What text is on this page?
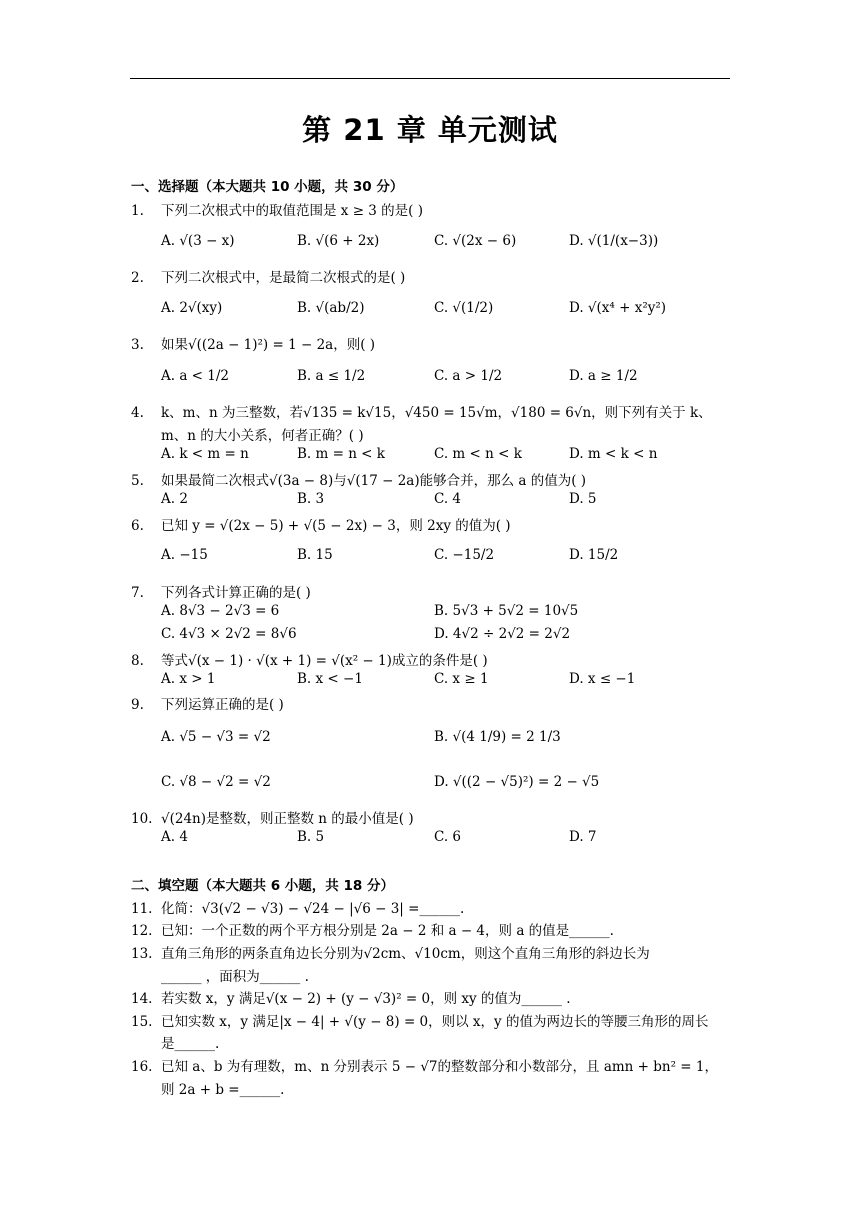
第 21 章 单元测试
一、选择题（本大题共 10 小题，共 30 分）
1. 下列二次根式中的取值范围是 x ≥ 3 的是( )
A. √(3 − x)	B. √(6 + 2x)	C. √(2x − 6)	D. √(1/(x−3))
2. 下列二次根式中，是最简二次根式的是( )
A. 2√(xy)	B. √(ab/2)	C. √(1/2)	D. √(x⁴ + x²y²)
3. 如果√((2a − 1)²) = 1 − 2a，则( )
A. a < 1/2	B. a ≤ 1/2	C. a > 1/2	D. a ≥ 1/2
4. k、m、n 为三整数，若√135 = k√15，√450 = 15√m，√180 = 6√n，则下列有关于 k、
m、n 的大小关系，何者正确？( )
A. k < m = n	B. m = n < k	C. m < n < k	D. m < k < n
5. 如果最简二次根式√(3a − 8)与√(17 − 2a)能够合并，那么 a 的值为( )
A. 2	B. 3	C. 4	D. 5
6. 已知 y = √(2x − 5) + √(5 − 2x) − 3，则 2xy 的值为( )
A. −15	B. 15	C. −15/2	D. 15/2
7. 下列各式计算正确的是( )
A. 8√3 − 2√3 = 6	B. 5√3 + 5√2 = 10√5
C. 4√3 × 2√2 = 8√6	D. 4√2 ÷ 2√2 = 2√2
8. 等式√(x − 1) · √(x + 1) = √(x² − 1)成立的条件是( )
A. x > 1	B. x < −1	C. x ≥ 1	D. x ≤ −1
9. 下列运算正确的是( )
A. √5 − √3 = √2	B. √(4 1/9) = 2 1/3
C. √8 − √2 = √2	D. √((2 − √5)²) = 2 − √5
10. √(24n)是整数，则正整数 n 的最小值是( )
A. 4	B. 5	C. 6	D. 7
二、填空题（本大题共 6 小题，共 18 分）
11. 化简：√3(√2 − √3) − √24 − |√6 − 3| =______.
12. 已知：一个正数的两个平方根分别是 2a − 2 和 a − 4，则 a 的值是______.
13. 直角三角形的两条直角边长分别为√2cm、√10cm，则这个直角三角形的斜边长为
______ ，面积为______ .
14. 若实数 x，y 满足√(x − 2) + (y − √3)² = 0，则 xy 的值为______ .
15. 已知实数 x，y 满足|x − 4| + √(y − 8) = 0，则以 x，y 的值为两边长的等腰三角形的周长
是______.
16. 已知 a、b 为有理数，m、n 分别表示 5 − √7的整数部分和小数部分，且 amn + bn² = 1，
则 2a + b =______.
